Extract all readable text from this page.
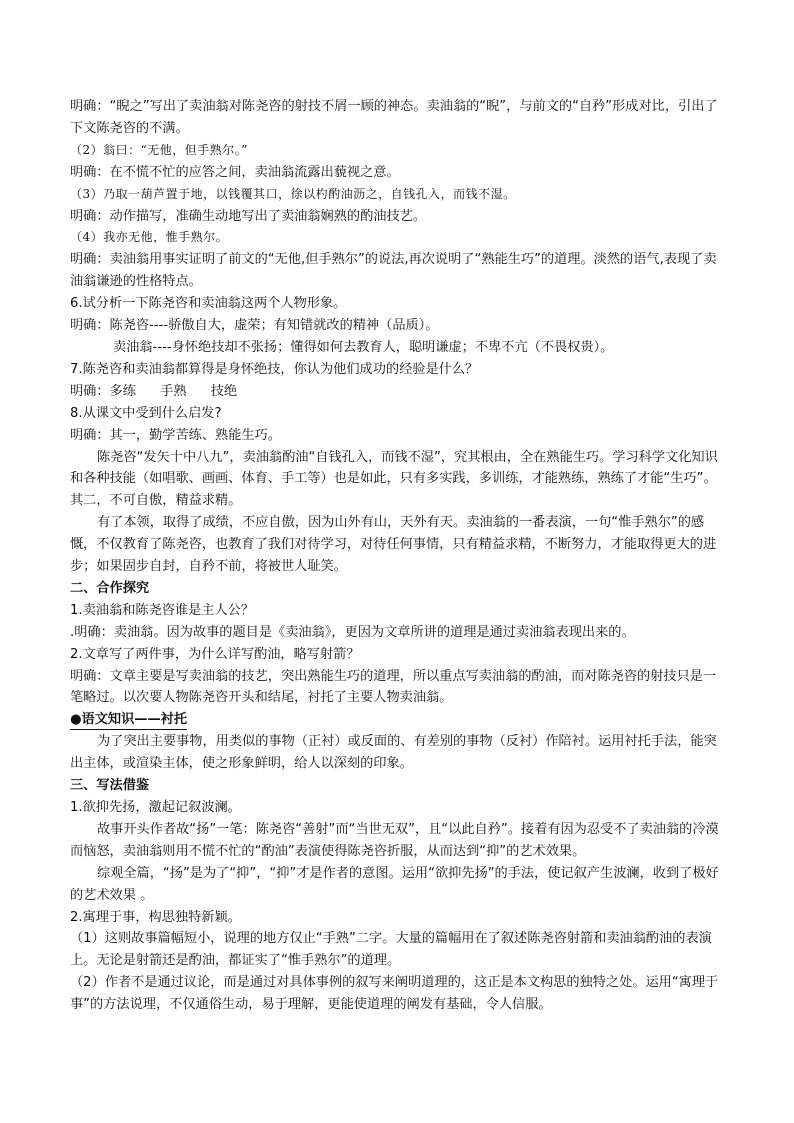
明确：“睨之”写出了卖油翁对陈尧咨的射技不屑一顾的神态。卖油翁的“睨”，与前文的“自矜”形成对比，引出了下文陈尧咨的不满。

（2）翁曰：“无他，但手熟尔。”

明确：在不慌不忙的应答之间，卖油翁流露出藐视之意。

（3）乃取一葫芦置于地，以钱覆其口，徐以杓酌油沥之，自钱孔入，而钱不湿。

明确：动作描写，准确生动地写出了卖油翁娴熟的酌油技艺。

（4）我亦无他，惟手熟尔。

明确：卖油翁用事实证明了前文的“无他,但手熟尔”的说法,再次说明了“熟能生巧”的道理。淡然的语气,表现了卖油翁谦逊的性格特点。

6.试分析一下陈尧咨和卖油翁这两个人物形象。

明确：陈尧咨----骄傲自大，虚荣；有知错就改的精神（品质）。

卖油翁----身怀绝技却不张扬；懂得如何去教育人，聪明谦虚；不卑不亢（不畏权贵）。

7.陈尧咨和卖油翁都算得是身怀绝技，你认为他们成功的经验是什么？

明确：多练 手熟 技绝

8.从课文中受到什么启发?

明确：其一，勤学苦练、熟能生巧。

陈尧咨“发矢十中八九”，卖油翁酌油“自钱孔入，而钱不湿”，究其根由，全在熟能生巧。学习科学文化知识和各种技能（如唱歌、画画、体育、手工等）也是如此，只有多实践，多训练，才能熟练，熟练了才能“生巧”。

其二，不可自傲，精益求精。

有了本领，取得了成绩，不应自傲，因为山外有山，天外有天。卖油翁的一番表演，一句“惟手熟尔”的感慨，不仅教育了陈尧咨，也教育了我们对待学习，对待任何事情，只有精益求精，不断努力，才能取得更大的进步；如果固步自封，自矜不前，将被世人耻笑。

二、合作探究

1.卖油翁和陈尧咨谁是主人公？

.明确：卖油翁。因为故事的题目是《卖油翁》，更因为文章所讲的道理是通过卖油翁表现出来的。

2.文章写了两件事，为什么详写酌油，略写射箭？

明确：文章主要是写卖油翁的技艺，突出熟能生巧的道理，所以重点写卖油翁的酌油，而对陈尧咨的射技只是一笔略过。以次要人物陈尧咨开头和结尾，衬托了主要人物卖油翁。

●语文知识——衬托

为了突出主要事物，用类似的事物（正衬）或反面的、有差别的事物（反衬）作陪衬。运用衬托手法，能突出主体，或渲染主体，使之形象鲜明，给人以深刻的印象。

三、写法借鉴

1.欲抑先扬，激起记叙波澜。

故事开头作者故“扬”一笔：陈尧咨“善射”而“当世无双”，且“以此自矜”。接着有因为忍受不了卖油翁的冷漠而恼怒，卖油翁则用不慌不忙的“酌油”表演使得陈尧咨折服，从而达到“抑”的艺术效果。

综观全篇，“扬”是为了“抑”，“抑”才是作者的意图。运用“欲抑先扬”的手法，使记叙产生波澜，收到了极好的艺术效果 。

2.寓理于事，构思独特新颖。

（1）这则故事篇幅短小，说理的地方仅止“手熟”二字。大量的篇幅用在了叙述陈尧咨射箭和卖油翁酌油的表演上。无论是射箭还是酌油，都证实了“惟手熟尔”的道理。

（2）作者不是通过议论，而是通过对具体事例的叙写来阐明道理的，这正是本文构思的独特之处。运用“寓理于事”的方法说理，不仅通俗生动，易于理解，更能使道理的阐发有基础，令人信服。
